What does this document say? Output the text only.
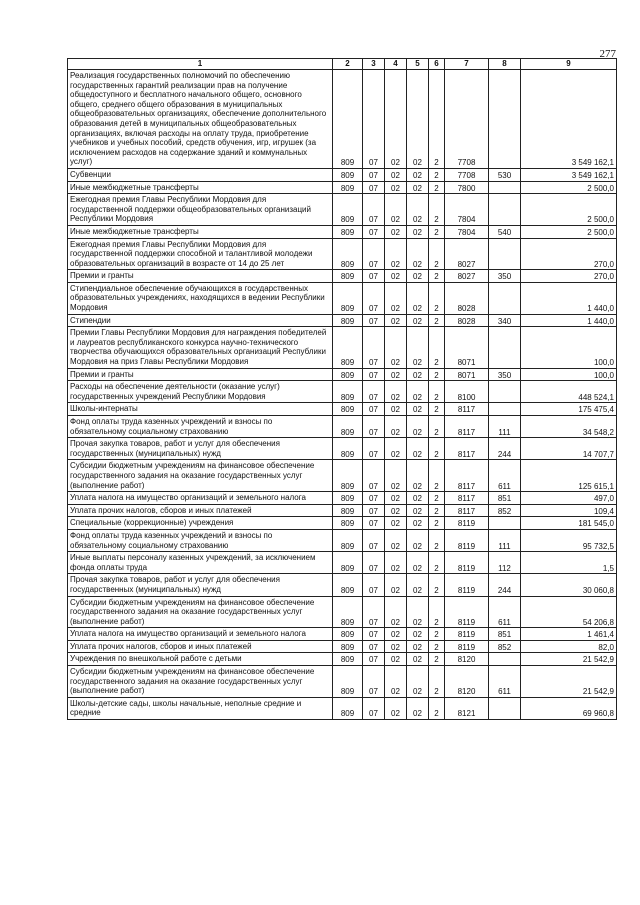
277
1	2	3	4	5	6	7	8	9
Реализация государственных полномочий по обеспечению государственных гарантий реализации прав на получение общедоступного и бесплатного начального общего, основного общего, среднего общего образования в муниципальных общеобразовательных организациях, обеспечение дополнительного образования детей в муниципальных общеобразовательных организациях, включая расходы на оплату труда, приобретение учебников и учебных пособий, средств обучения, игр, игрушек (за исключением расходов на содержание зданий и коммунальных услуг)	809	07	02	02	2	7708		3 549 162,1
Субвенции	809	07	02	02	2	7708	530	3 549 162,1
Иные межбюджетные трансферты	809	07	02	02	2	7800		2 500,0
Ежегодная премия Главы Республики Мордовия для государственной поддержки общеобразовательных организаций Республики Мордовия	809	07	02	02	2	7804		2 500,0
Иные межбюджетные трансферты	809	07	02	02	2	7804	540	2 500,0
Ежегодная премия Главы Республики Мордовия для государственной поддержки способной и талантливой молодежи образовательных организаций в возрасте от 14 до 25 лет	809	07	02	02	2	8027		270,0
Премии и гранты	809	07	02	02	2	8027	350	270,0
Стипендиальное обеспечение обучающихся в государственных образовательных учреждениях, находящихся в ведении Республики Мордовия	809	07	02	02	2	8028		1 440,0
Стипендии	809	07	02	02	2	8028	340	1 440,0
Премии Главы Республики Мордовия для награждения победителей и лауреатов республиканского конкурса научно-технического творчества обучающихся образовательных организаций Республики Мордовия на приз Главы Республики Мордовия	809	07	02	02	2	8071		100,0
Премии и гранты	809	07	02	02	2	8071	350	100,0
Расходы на обеспечение деятельности (оказание услуг) государственных учреждений Республики Мордовия	809	07	02	02	2	8100		448 524,1
Школы-интернаты	809	07	02	02	2	8117		175 475,4
Фонд оплаты труда казенных учреждений и взносы по обязательному социальному страхованию	809	07	02	02	2	8117	111	34 548,2
Прочая закупка товаров, работ и услуг для обеспечения государственных (муниципальных) нужд	809	07	02	02	2	8117	244	14 707,7
Субсидии бюджетным учреждениям на финансовое обеспечение государственного задания на оказание государственных услуг (выполнение работ)	809	07	02	02	2	8117	611	125 615,1
Уплата налога на имущество организаций и земельного налога	809	07	02	02	2	8117	851	497,0
Уплата прочих налогов, сборов и иных платежей	809	07	02	02	2	8117	852	109,4
Специальные (коррекционные) учреждения	809	07	02	02	2	8119		181 545,0
Фонд оплаты труда казенных учреждений и взносы по обязательному социальному страхованию	809	07	02	02	2	8119	111	95 732,5
Иные выплаты персоналу казенных учреждений, за исключением фонда оплаты труда	809	07	02	02	2	8119	112	1,5
Прочая закупка товаров, работ и услуг для обеспечения государственных (муниципальных) нужд	809	07	02	02	2	8119	244	30 060,8
Субсидии бюджетным учреждениям на финансовое обеспечение государственного задания на оказание государственных услуг (выполнение работ)	809	07	02	02	2	8119	611	54 206,8
Уплата налога на имущество организаций и земельного налога	809	07	02	02	2	8119	851	1 461,4
Уплата прочих налогов, сборов и иных платежей	809	07	02	02	2	8119	852	82,0
Учреждения по внешкольной работе с детьми	809	07	02	02	2	8120		21 542,9
Субсидии бюджетным учреждениям на финансовое обеспечение государственного задания на оказание государственных услуг (выполнение работ)	809	07	02	02	2	8120	611	21 542,9
Школы-детские сады, школы начальные, неполные средние и средние	809	07	02	02	2	8121		69 960,8
